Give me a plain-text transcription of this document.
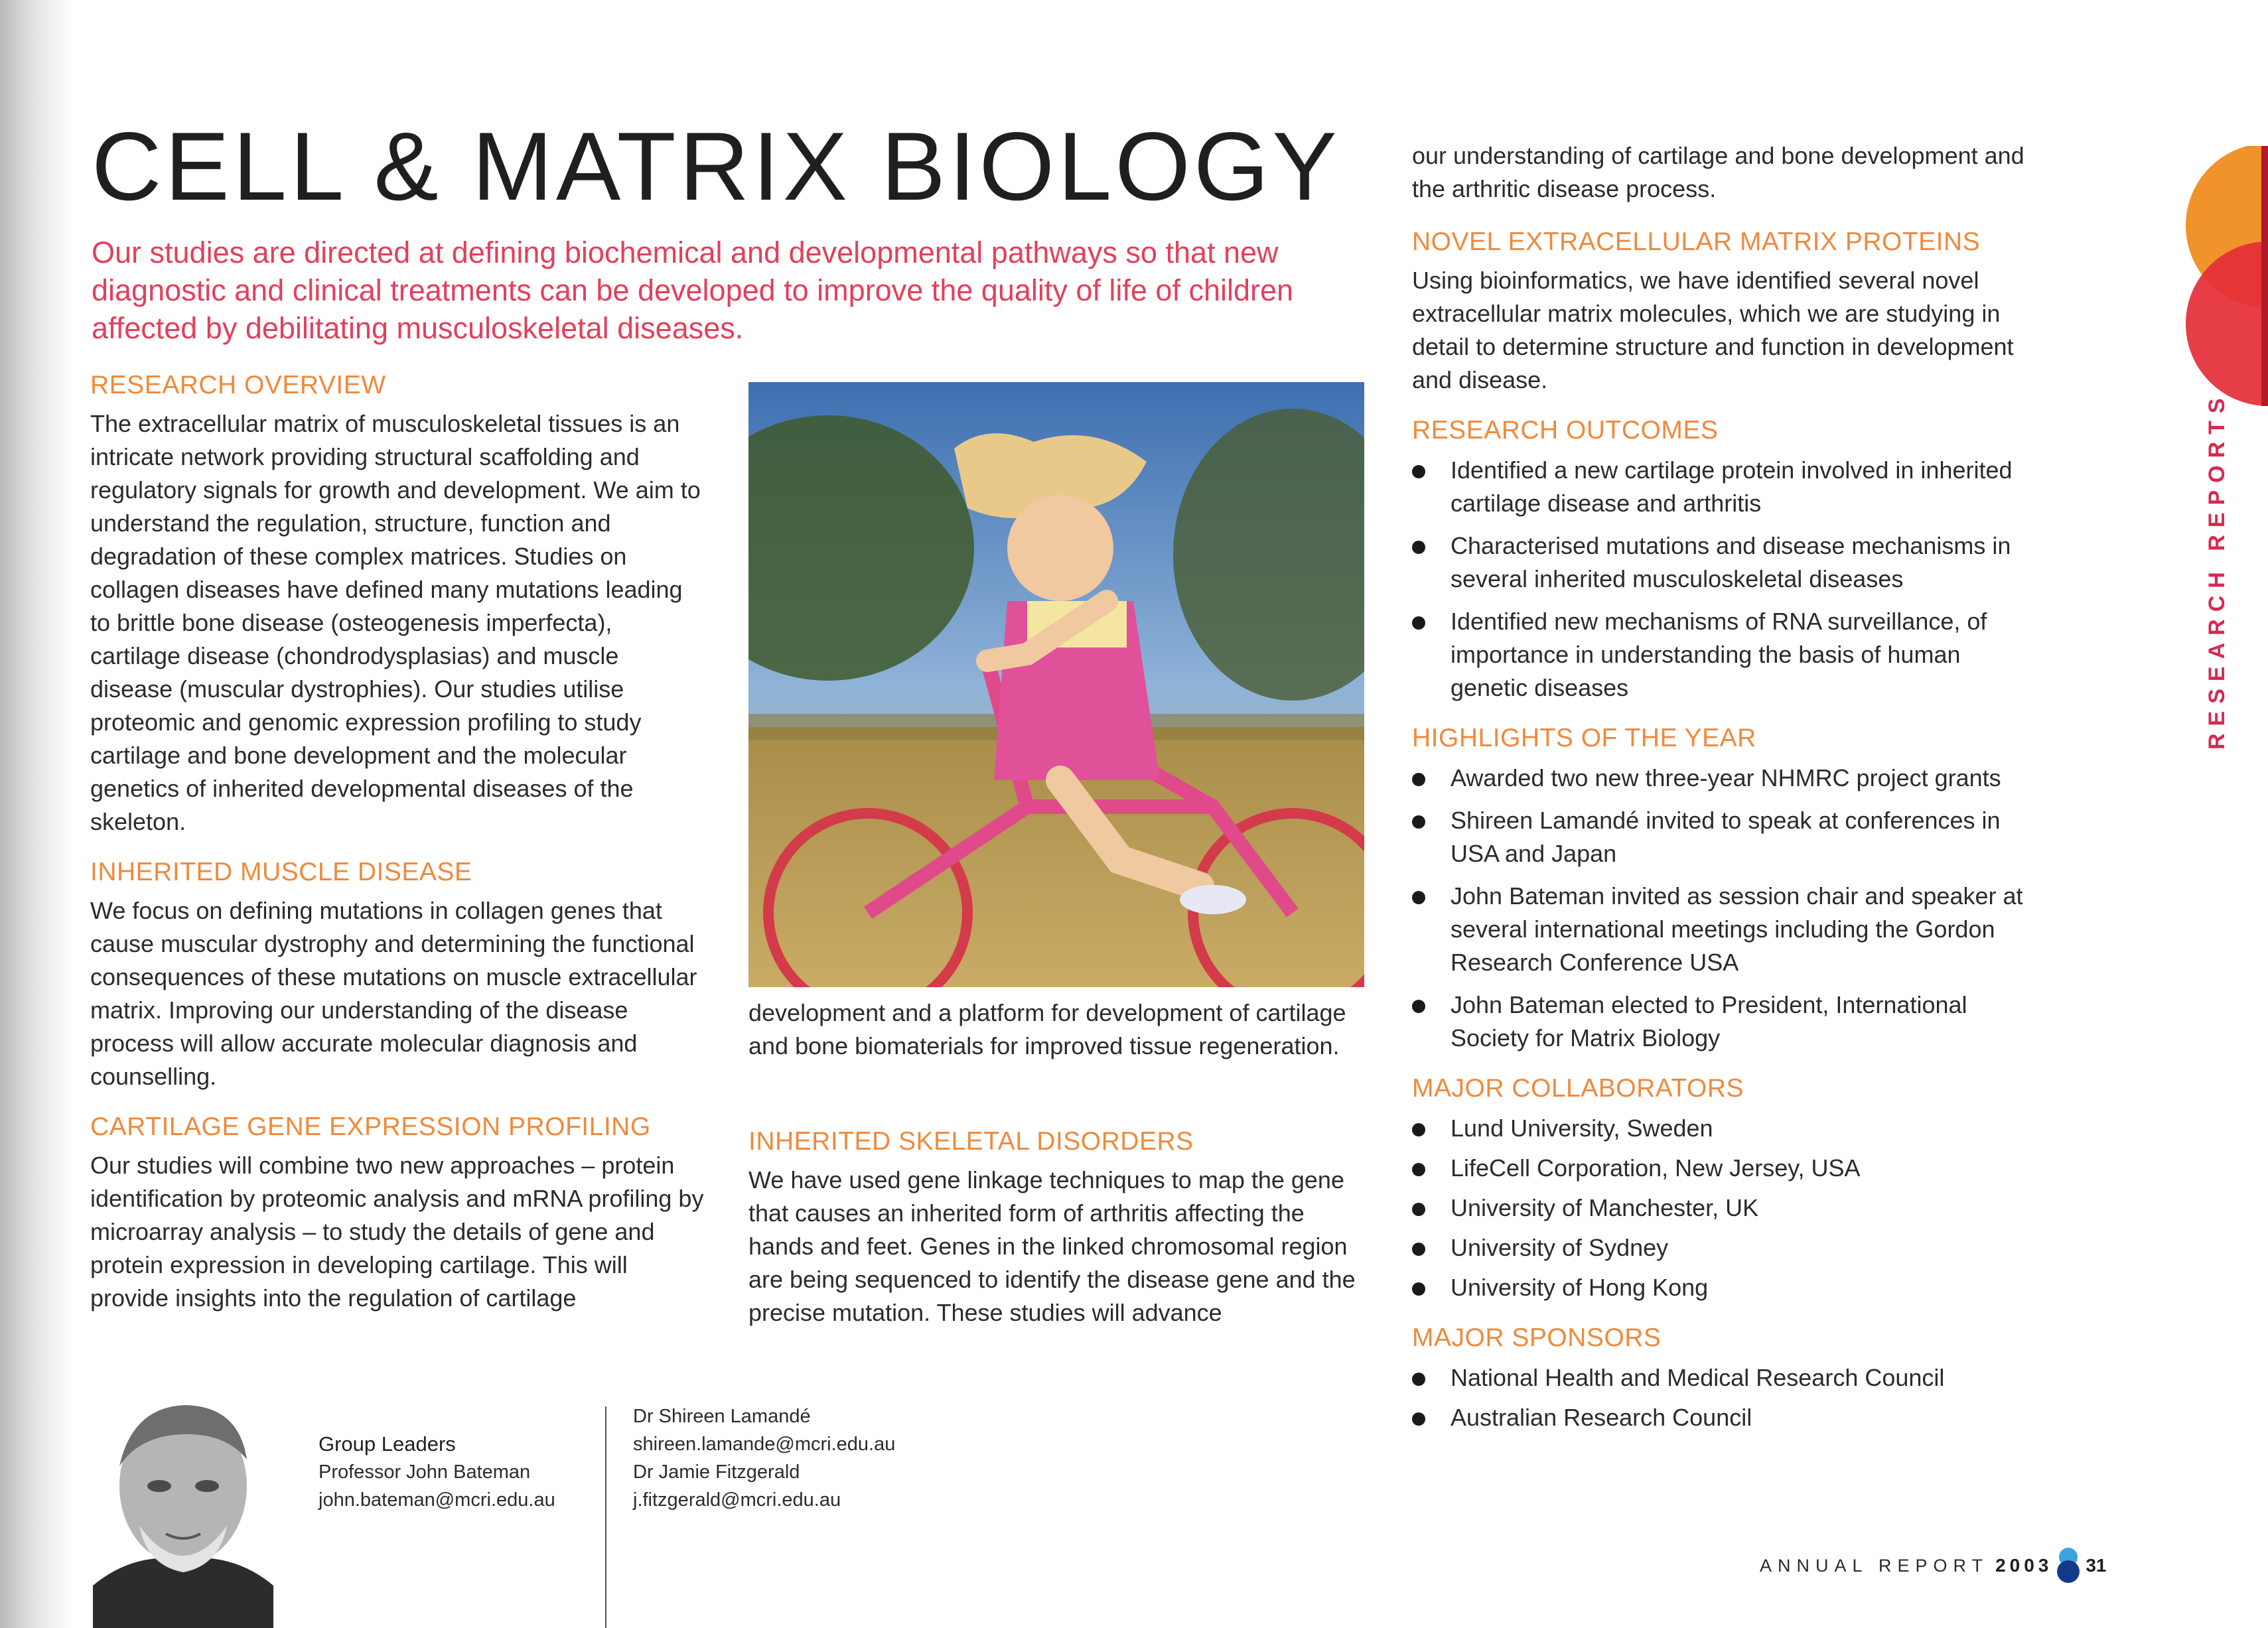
CELL & MATRIX BIOLOGY

Our studies are directed at defining biochemical and developmental pathways so that new diagnostic and clinical treatments can be developed to improve the quality of life of children affected by debilitating musculoskeletal diseases.

RESEARCH OVERVIEW

The extracellular matrix of musculoskeletal tissues is an intricate network providing structural scaffolding and regulatory signals for growth and development. We aim to understand the regulation, structure, function and degradation of these complex matrices. Studies on collagen diseases have defined many mutations leading to brittle bone disease (osteogenesis imperfecta), cartilage disease (chondrodysplasias) and muscle disease (muscular dystrophies). Our studies utilise proteomic and genomic expression profiling to study cartilage and bone development and the molecular genetics of inherited developmental diseases of the skeleton.

INHERITED MUSCLE DISEASE

We focus on defining mutations in collagen genes that cause muscular dystrophy and determining the functional consequences of these mutations on muscle extracellular matrix. Improving our understanding of the disease process will allow accurate molecular diagnosis and counselling.

CARTILAGE GENE EXPRESSION PROFILING

Our studies will combine two new approaches – protein identification by proteomic analysis and mRNA profiling by microarray analysis – to study the details of gene and protein expression in developing cartilage. This will provide insights into the regulation of cartilage

development and a platform for development of cartilage and bone biomaterials for improved tissue regeneration.

INHERITED SKELETAL DISORDERS

We have used gene linkage techniques to map the gene that causes an inherited form of arthritis affecting the hands and feet. Genes in the linked chromosomal region are being sequenced to identify the disease gene and the precise mutation. These studies will advance

our understanding of cartilage and bone development and the arthritic disease process.

NOVEL EXTRACELLULAR MATRIX PROTEINS

Using bioinformatics, we have identified several novel extracellular matrix molecules, which we are studying in detail to determine structure and function in development and disease.

RESEARCH OUTCOMES
Identified a new cartilage protein involved in inherited cartilage disease and arthritis
Characterised mutations and disease mechanisms in several inherited musculoskeletal diseases
Identified new mechanisms of RNA surveillance, of importance in understanding the basis of human genetic diseases
HIGHLIGHTS OF THE YEAR
Awarded two new three-year NHMRC project grants
Shireen Lamandé invited to speak at conferences in USA and Japan
John Bateman invited as session chair and speaker at several international meetings including the Gordon Research Conference USA
John Bateman elected to President, International Society for Matrix Biology
MAJOR COLLABORATORS
Lund University, Sweden
LifeCell Corporation, New Jersey, USA
University of Manchester, UK
University of Sydney
University of Hong Kong
MAJOR SPONSORS
National Health and Medical Research Council
Australian Research Council

Group Leaders

Professor John Bateman

john.bateman@mcri.edu.au

Dr Shireen Lamandé

shireen.lamande@mcri.edu.au

Dr Jamie Fitzgerald

j.fitzgerald@mcri.edu.au

RESEARCH REPORTS
ANNUAL REPORT 2003 31
